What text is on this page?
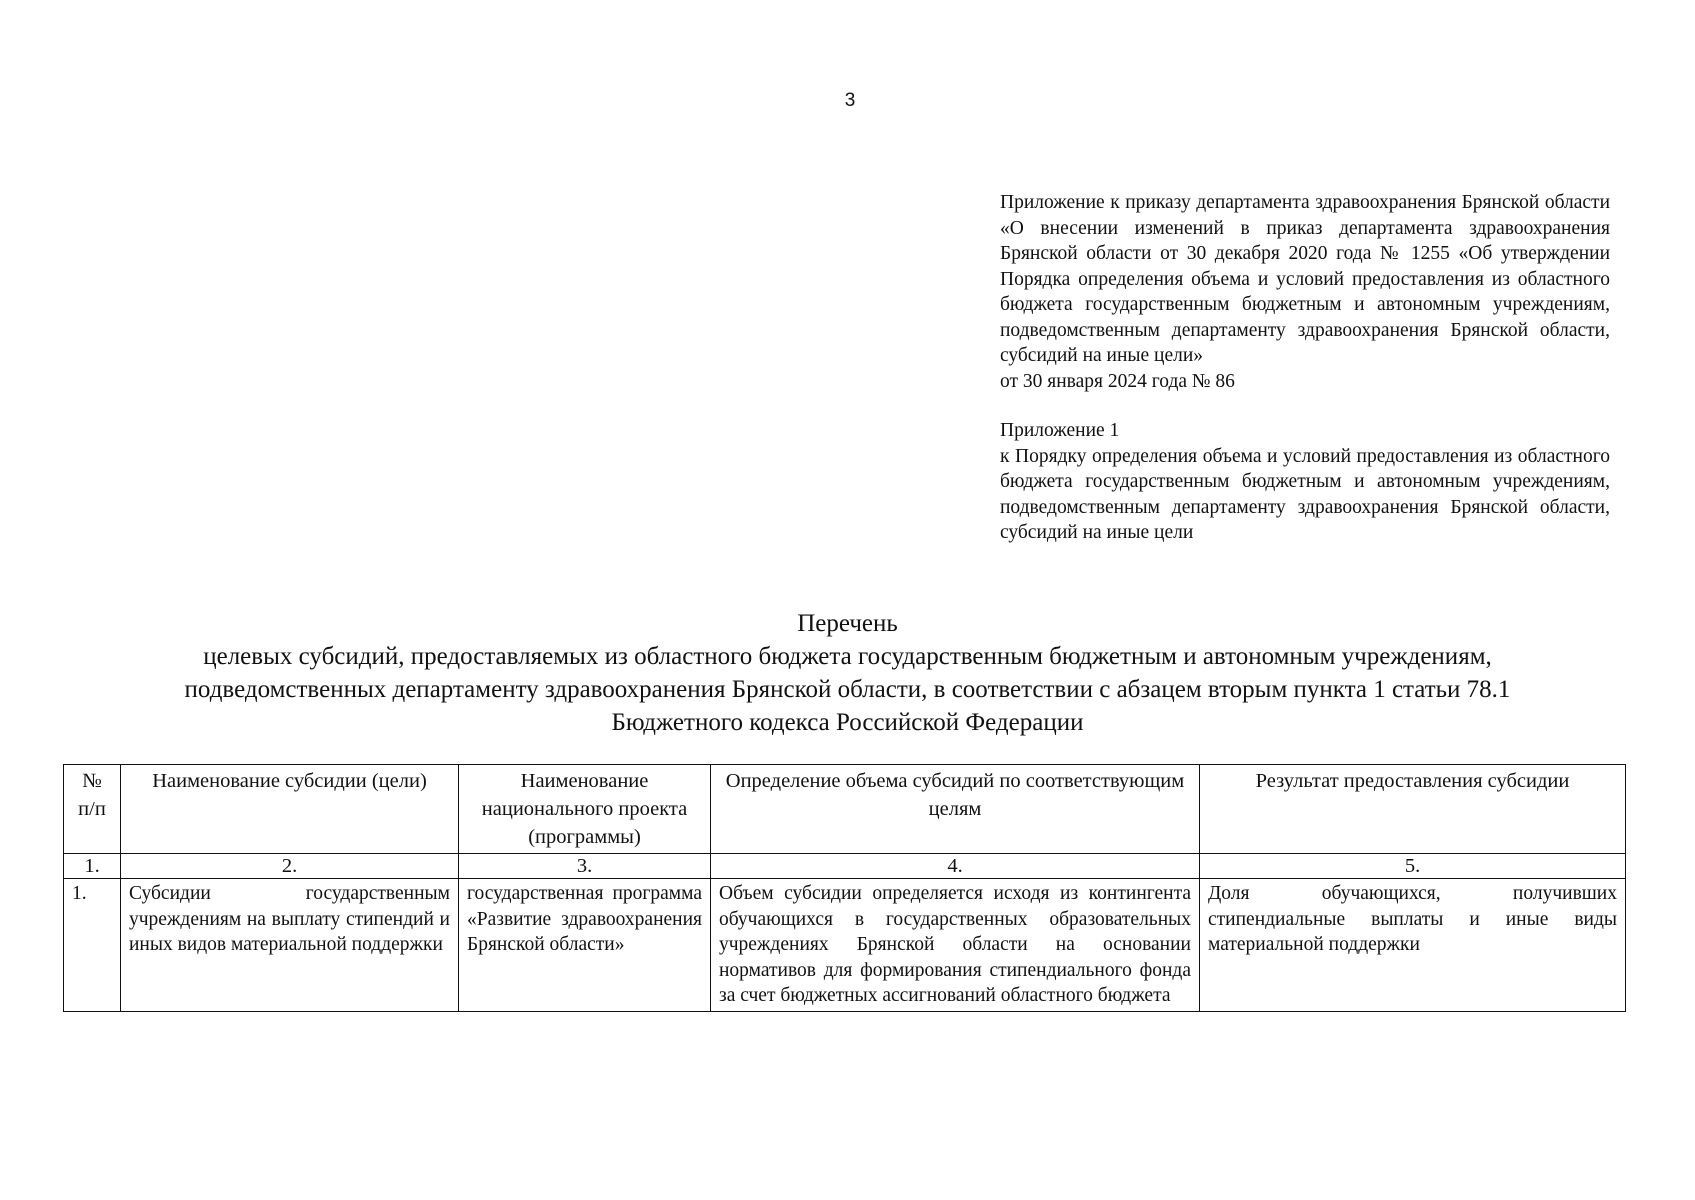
3
Приложение к приказу департамента здравоохранения Брянской области «О внесении изменений в приказ департамента здравоохранения Брянской области от 30 декабря 2020 года № 1255 «Об утверждении Порядка определения объема и условий предоставления из областного бюджета государственным бюджетным и автономным учреждениям, подведомственным департаменту здравоохранения Брянской области, субсидий на иные цели»
от 30 января 2024 года № 86
Приложение 1
к Порядку определения объема и условий предоставления из областного бюджета государственным бюджетным и автономным учреждениям, подведомственным департаменту здравоохранения Брянской области, субсидий на иные цели
Перечень
целевых субсидий, предоставляемых из областного бюджета государственным бюджетным и автономным учреждениям,
подведомственных департаменту здравоохранения Брянской области, в соответствии с абзацем вторым пункта 1 статьи 78.1
Бюджетного кодекса Российской Федерации
№ п/п	Наименование субсидии (цели)	Наименование национального проекта (программы)	Определение объема субсидий по соответствующим целям	Результат предоставления субсидии
1.	2.	3.	4.	5.
1.	Субсидии государственным учреждениям на выплату стипендий и иных видов материальной поддержки	государственная программа «Развитие здравоохранения Брянской области»	Объем субсидии определяется исходя из контингента обучающихся в государственных образовательных учреждениях Брянской области на основании нормативов для формирования стипендиального фонда за счет бюджетных ассигнований областного бюджета	Доля обучающихся, получивших стипендиальные выплаты и иные виды материальной поддержки
